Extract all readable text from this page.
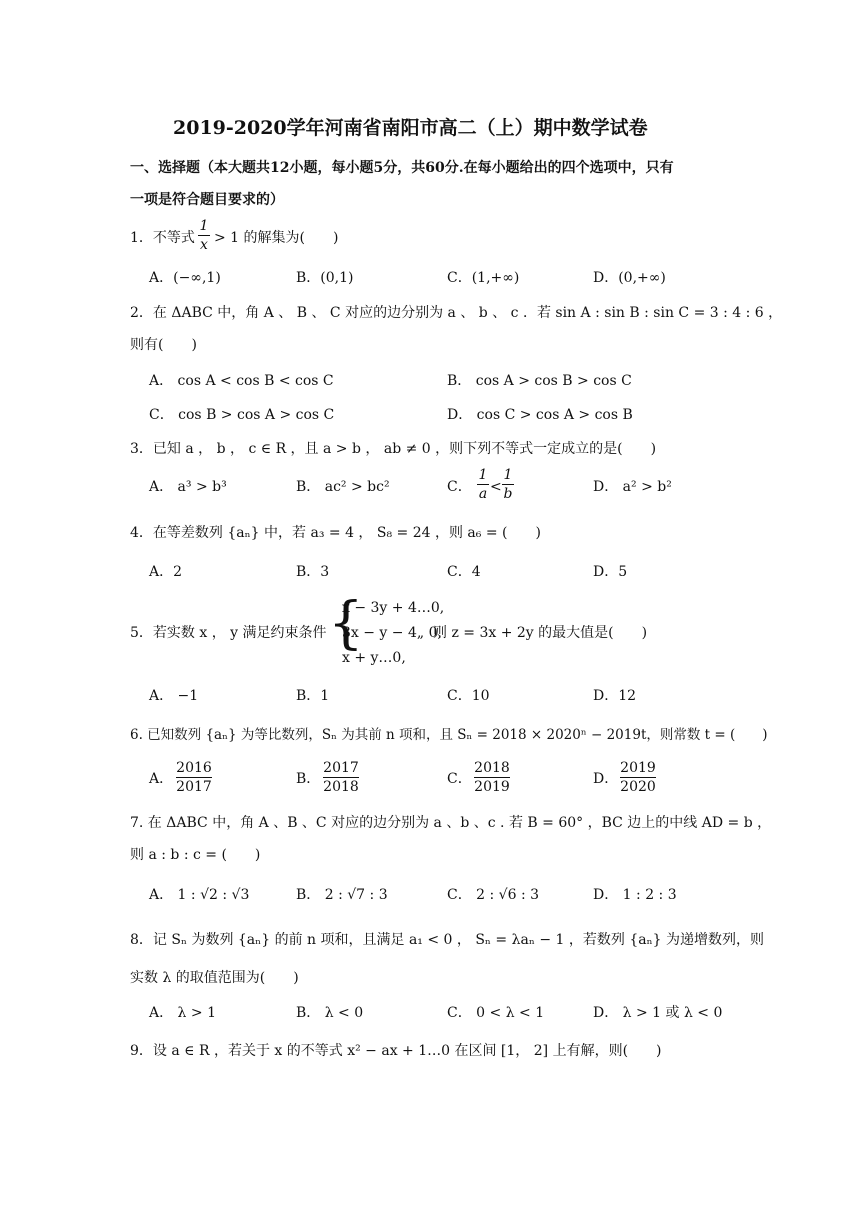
2019-2020学年河南省南阳市高二（上）期中数学试卷
一、选择题（本大题共12小题，每小题5分，共60分.在每小题给出的四个选项中，只有
一项是符合题目要求的）
1．不等式
1
x > 1 的解集为(　　)
A．(−∞,1)	B．(0,1)	C．(1,+∞)	D．(0,+∞)
2．在 ΔABC 中，角 A 、 B 、 C 对应的边分别为 a 、 b 、 c ．若 sin A : sin B : sin C = 3 : 4 : 6 ，
则有(　　)
A． cos A < cos B < cos C	B． cos A > cos B > cos C
C． cos B > cos A > cos C	D． cos C > cos A > cos B
3．已知 a ， b ， c ∈ R ，且 a > b ， ab ≠ 0 ，则下列不等式一定成立的是(　　)
A． a³ > b³	B． ac² > bc²	C．
1
a <
1
b	D． a² > b²
4．在等差数列 {aₙ} 中，若 a₃ = 4 ， S₈ = 24 ，则 a₆ = (　　)
A．2	B．3	C．4	D．5
5．若实数 x ， y 满足约束条件 {
x − 3y + 4…0,
3x − y − 4„ 0,
x + y…0,
则 z = 3x + 2y 的最大值是(　　)
A． −1	B．1	C．10	D．12
6. 已知数列 {aₙ} 为等比数列，Sₙ 为其前 n 项和，且 Sₙ = 2018 × 2020ⁿ − 2019t，则常数 t = (　　)
A．
2016
2017	B．
2017
2018	C．
2018
2019	D．
2019
2020
7. 在 ΔABC 中，角 A 、B 、C 对应的边分别为 a 、b 、c . 若 B = 60° ，BC 边上的中线 AD = b ，
则 a : b : c = (　　)
A． 1 : √2 : √3	B． 2 : √7 : 3	C． 2 : √6 : 3	D． 1 : 2 : 3
8．记 Sₙ 为数列 {aₙ} 的前 n 项和，且满足 a₁ < 0 ， Sₙ = λaₙ − 1 ，若数列 {aₙ} 为递增数列，则
实数 λ 的取值范围为(　　)
A． λ > 1	B． λ < 0	C． 0 < λ < 1	D． λ > 1 或 λ < 0
9．设 a ∈ R ，若关于 x 的不等式 x² − ax + 1…0 在区间 [1， 2] 上有解，则(　　)
